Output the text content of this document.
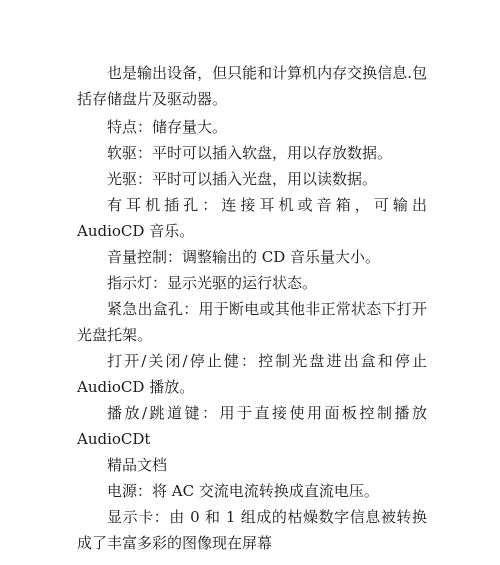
也是输出设备，但只能和计算机内存交换信息.包括存储盘片及驱动器。

特点：储存量大。

软驱：平时可以插入软盘，用以存放数据。

光驱：平时可以插入光盘，用以读数据。

有耳机插孔：连接耳机或音箱，可输出AudioCD 音乐。

音量控制：调整输出的 CD 音乐量大小。

指示灯：显示光驱的运行状态。

紧急出盒孔：用于断电或其他非正常状态下打开光盘托架。

打开/关闭/停止健：控制光盘进出盒和停止 AudioCD 播放。

播放/跳道键：用于直接使用面板控制播放 AudioCDt

精品文档

电源：将 AC 交流电流转换成直流电压。

显示卡：由 0 和 1 组成的枯燥数字信息被转换成了丰富多彩的图像现在屏幕
